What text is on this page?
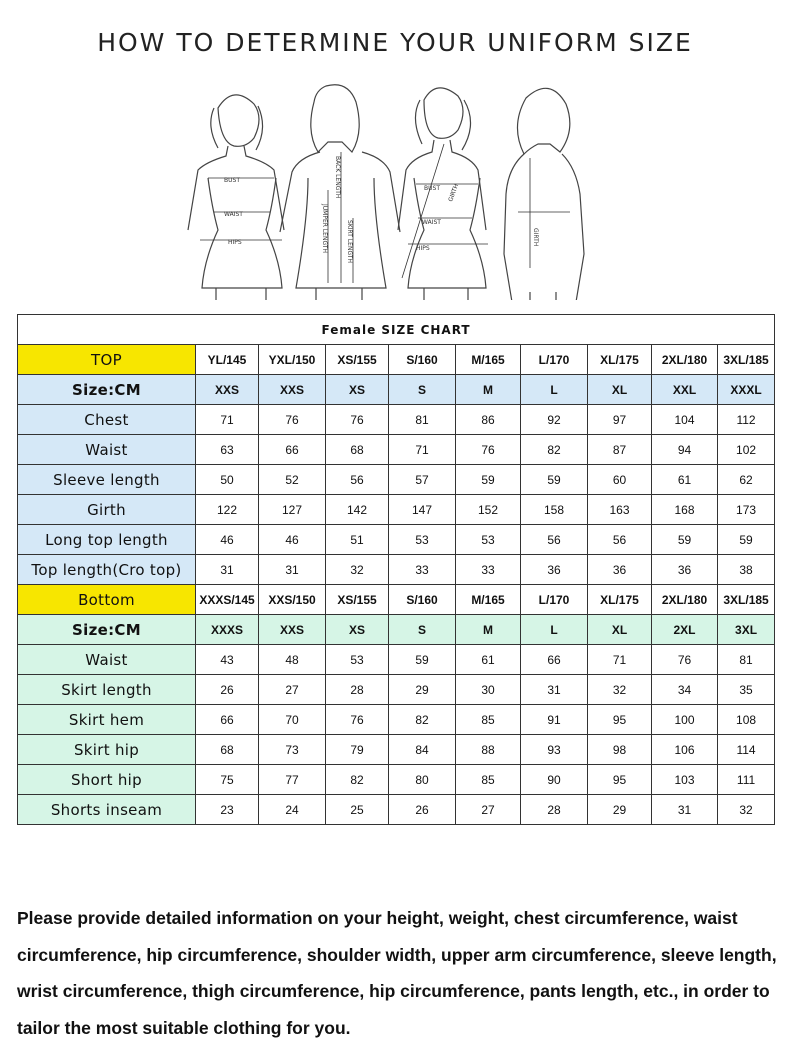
HOW TO DETERMINE YOUR UNIFORM SIZE
BUST
WAIST
HIPS
BACK LENGTH
JUMPER LENGTH	SKIRT LENGTH
BUST
WAIST
HIPS
GIRTH
GIRTH
Female SIZE CHART									
TOP	YL/145	YXL/150	XS/155	S/160	M/165	L/170	XL/175	2XL/180	3XL/185
Size:CM	XXS	XXS	XS	S	M	L	XL	XXL	XXXL
Chest	71	76	76	81	86	92	97	104	112
Waist	63	66	68	71	76	82	87	94	102
Sleeve length	50	52	56	57	59	59	60	61	62
Girth	122	127	142	147	152	158	163	168	173
Long top length	46	46	51	53	53	56	56	59	59
Top length(Cro top)	31	31	32	33	33	36	36	36	38
Bottom	XXXS/145	XXS/150	XS/155	S/160	M/165	L/170	XL/175	2XL/180	3XL/185
Size:CM	XXXS	XXS	XS	S	M	L	XL	2XL	3XL
Waist	43	48	53	59	61	66	71	76	81
Skirt length	26	27	28	29	30	31	32	34	35
Skirt hem	66	70	76	82	85	91	95	100	108
Skirt hip	68	73	79	84	88	93	98	106	114
Short hip	75	77	82	80	85	90	95	103	111
Shorts inseam	23	24	25	26	27	28	29	31	32
Please provide detailed information on your height, weight, chest circumference, waist circumference, hip circumference, shoulder width, upper arm circumference, sleeve length, wrist circumference, thigh circumference, hip circumference, pants length, etc., in order to tailor the most suitable clothing for you.
